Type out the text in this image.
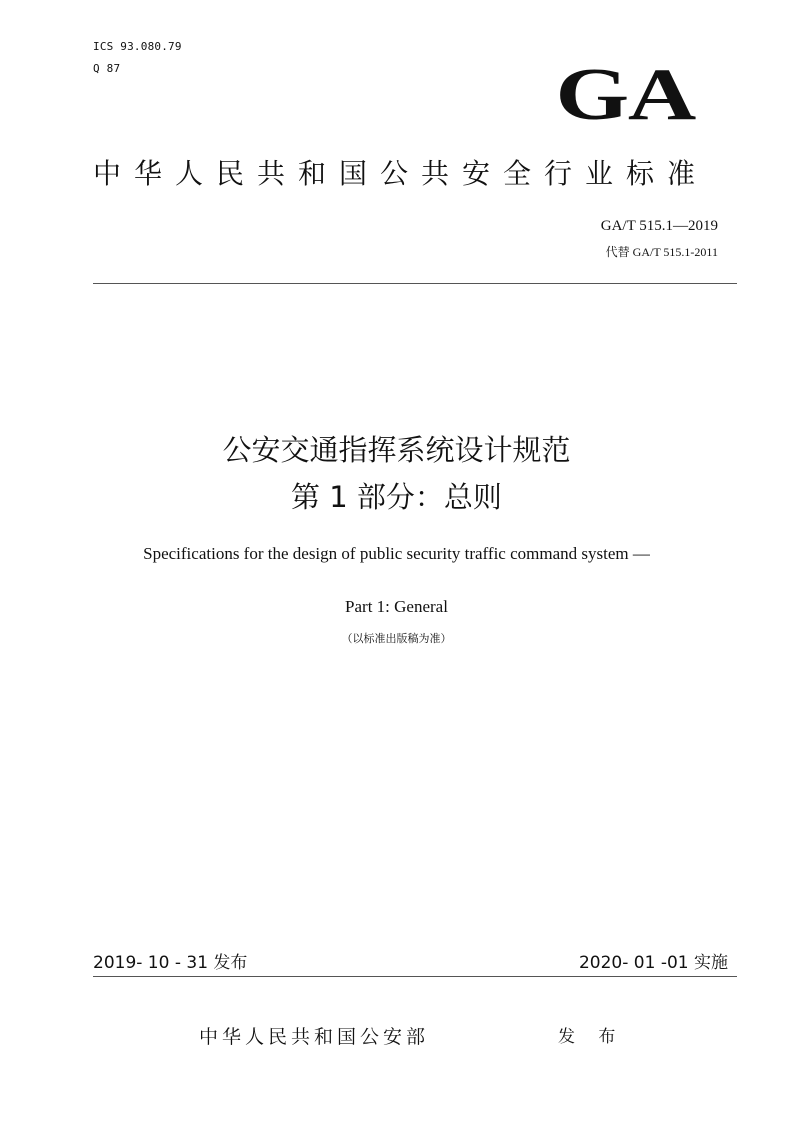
ICS 93.080.79
Q 87	GA
中华人民共和国公共安全行业标准
GA/T 515.1—2019
代替 GA/T 515.1-2011
公安交通指挥系统设计规范
第 1 部分：总则
Specifications for the design of public security traffic command system —
Part 1: General
（以标准出版稿为准）
2019- 10 - 31 发布	2020- 01 -01 实施
中华人民共和国公安部	发 布
